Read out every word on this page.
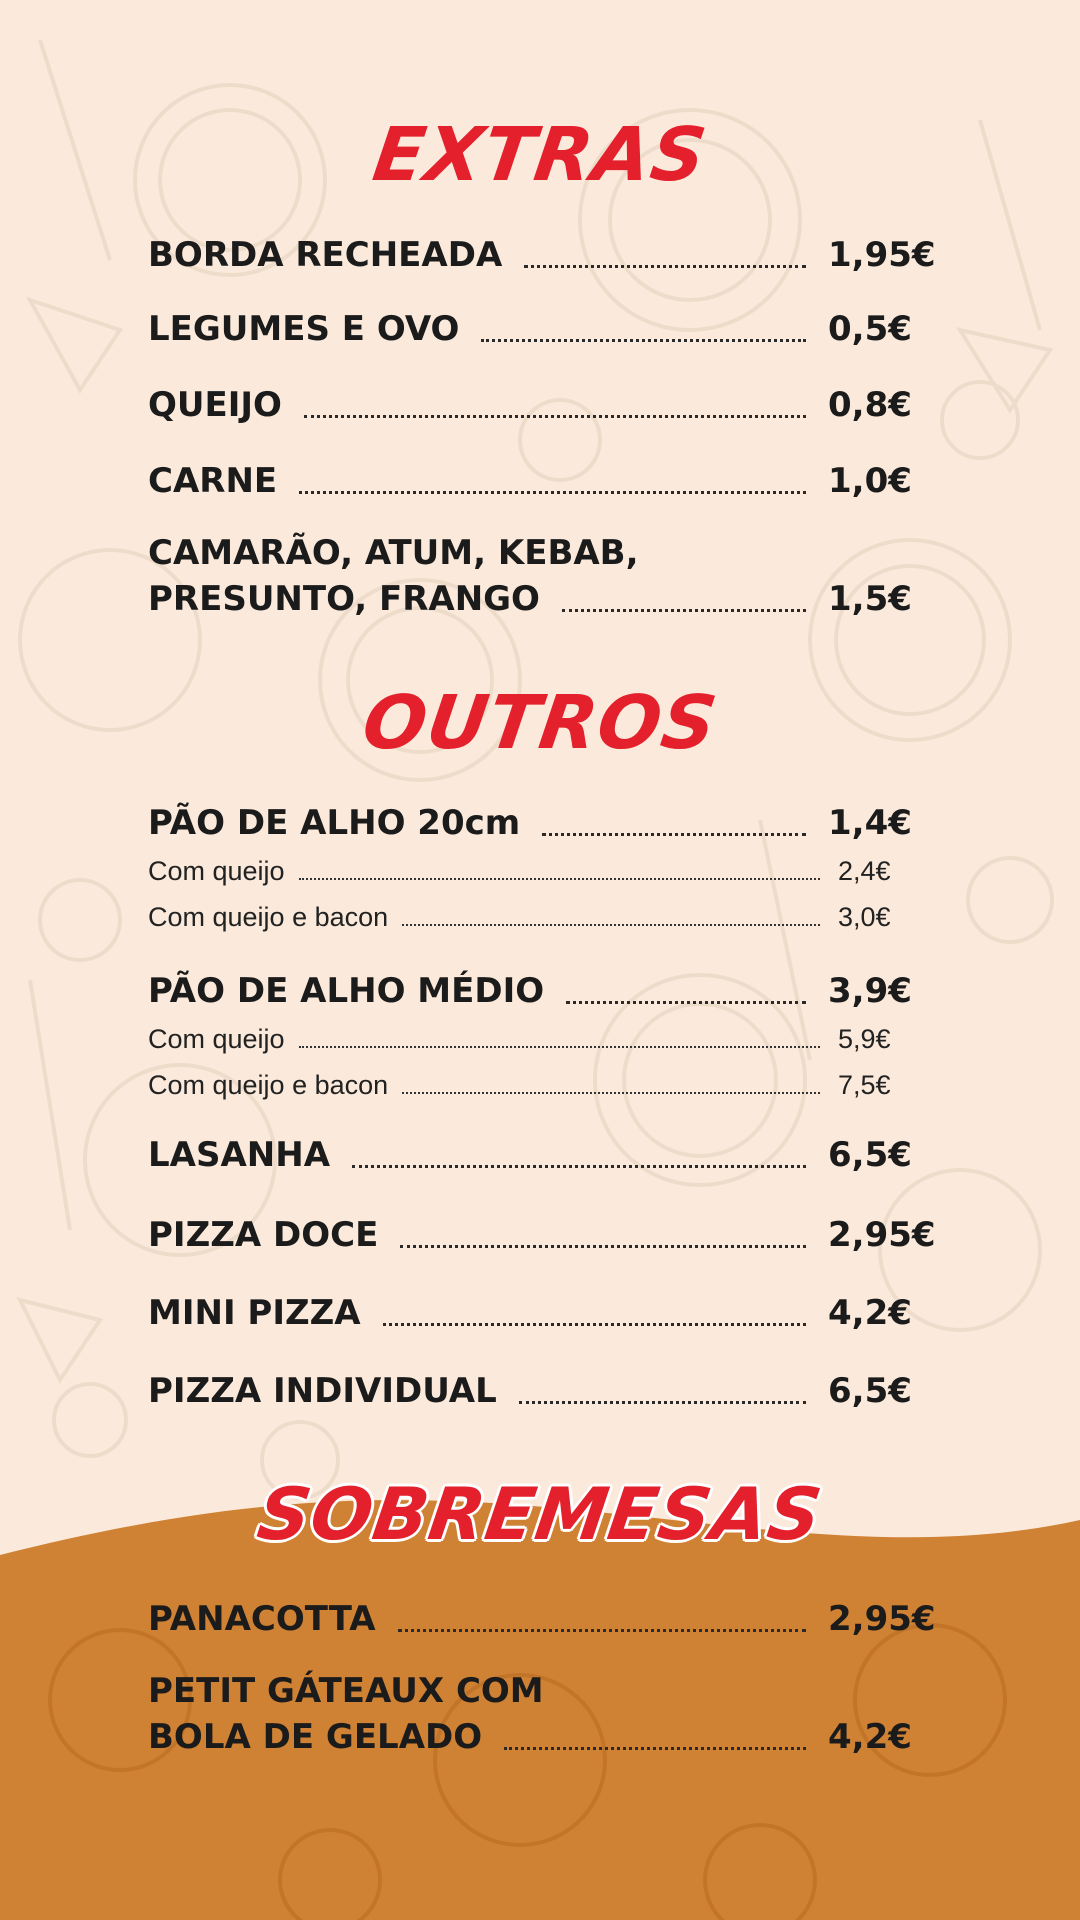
EXTRAS
BORDA RECHEADA	1,95€
LEGUMES E OVO	0,5€
QUEIJO	0,8€
CARNE	1,0€
CAMARÃO, ATUM, KEBAB,
PRESUNTO, FRANGO	1,5€
OUTROS
PÃO DE ALHO 20cm	1,4€
Com queijo	2,4€
Com queijo e bacon	3,0€
PÃO DE ALHO MÉDIO	3,9€
Com queijo	5,9€
Com queijo e bacon	7,5€
LASANHA	6,5€
PIZZA DOCE	2,95€
MINI PIZZA	4,2€
PIZZA INDIVIDUAL	6,5€
SOBREMESAS
PANACOTTA	2,95€
PETIT GÁTEAUX COM
BOLA DE GELADO	4,2€
